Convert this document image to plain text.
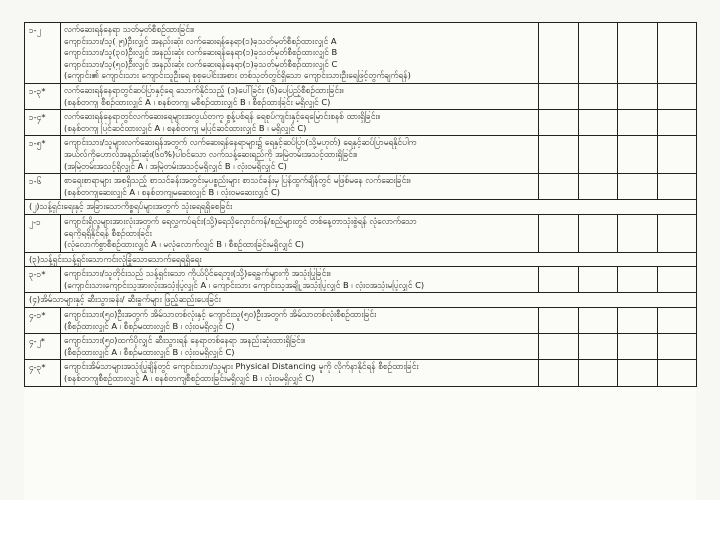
၁-၂	လက်ဆေးရန်နေရာ သတ်မှတ်စီစဉ်ထားခြင်း။
ကျောင်းသား/သူ(၂၅)ဦးလျှင် အနည်းဆုံး လက်ဆေးရန်နေရာ(၁)ခုသတ်မှတ်စီစဉ်ထားလျှင် A
ကျောင်းသား/သူ(၃၀)ဦးလျှင် အနည်းဆုံး လက်ဆေးရန်နေရာ(၁)ခုသတ်မှတ်စီစဉ်ထားလျှင် B
ကျောင်းသား/သူ(၅၀)ဦးလျှင် အနည်းဆုံး လက်ဆေးရန်နေရာ(၁)ခုသတ်မှတ်စီစဉ်ထားလျှင် C
(ကျောင်း၏ ကျောင်းသား ကျောင်းသူဦးရေ စုစုပေါင်းအစား တစ်သုတ်တွင်ရှိသော ကျောင်းသားဦးရေဖြင့်တွက်ချက်ရန်)				

၁-၃*	လက်ဆေးရန်နေရာတွင်ဆပ်ပြာနှင့်ရေ သောက်နိုင်သည့် (ဒ)ပေါ်ခြင်း (၆)ပေပြည့်စီစဉ်ထားခြင်း။
(စနစ်တကျ စီစဉ်ထားလျှင် A ၊ စနစ်တကျ မစီစဉ်ထားလျှင် B ၊ စီစဉ်ထားခြင်း မရှိလျှင် C)				

၁-၄*	လက်ဆေးရန်နေရာတွင်လက်ဆေးရေများအလွယ်တကူ စွန့်ပစ်ရန် ရေစုပ်ကျင်းနှင့်ရေမြောင်းစနစ် ထားရှိခြင်း။
(စနစ်တကျ ပြင်ဆင်ထားလျှင် A ၊ စနစ်တကျ မပြင်ဆင်ထားလျှင် B ၊ မရှိလျှင် C)				

၁-၅*	ကျောင်းသား/သူများလက်ဆေးရန်အတွက် လက်ဆေးရန်နေရာများ၌ ရေနှင့်ဆပ်ပြာ(သို့မဟုတ်) ရေနှင့်ဆပ်ပြာမရနိုင်ပါက
အယ်လ်ကိုဟောလ်အနည်းဆုံး(၆၀%)ပါဝင်သော လက်သန့်ဆေးရည်ကို အမြဲတမ်းအသင့်ထားရှိခြင်း။
(အမြဲတမ်းအသင့်ရှိလျှင် A ၊ အမြဲတမ်းအသင့်မရှိလျှင် B ၊ လုံးဝမရှိလျှင် C)				

၁-၆	စာရေးစာရာများ အစရှိသည့် စာသင်ခန်းအတွင်းမှပစ္စည်းများ စာသင်ခန်းမှ ပြန်ထွက်ချိန်တွင် မဖြစ်မနေ လက်ဆေးခြင်း။
(စနစ်တကျဆေးလျှင် A ၊ စနစ်တကျမဆေးလျှင် B ၊ လုံးဝမဆေးလျှင် C)				

(၂)သန့်ရှင်းရေးနှင့် အခြားသောကိစ္စရပ်များအတွက် သုံးရေရရှိစေခြင်း					
၂-၁	ကျောင်းရှိလူများအားလုံးအတွက် ရေလွှကပ်ရင်း(သို့)ရေသိုလှောင်ကန်/စည်များတွင် တစ်နေ့တာသုံးစွဲရန် လုံလောက်သော
ရေကိုရရှိနိုင်ရန် စီစဉ်ထားခြင်း
(လုံလောက်စွာစီစဉ်ထားလျှင် A ၊ မလုံလောက်လျှင် B ၊ စီစဉ်ထားခြင်းမရှိလျှင် C)				

(၃)သန့်ရှင်းသန့်ရှင်းသောကင်းလုံခြုံသောသောက်ရေရရှိရေး					
၃-၁*	ကျောင်းသား/သူတိုင်းသည် သန့်ရှင်းသော ကိုယ်ပိုင်ရေဘူး(သို့)ရေခွက်များကို အသုံးပြုခြင်း။
(ကျောင်းသားကျောင်းသူအားလုံးအသုံးပြုလျှင် A ၊ ကျောင်းသား ကျောင်းသူအချို့ အသုံးပြုလျှင် B ၊ လုံးဝအသုံးမပြုလျှင် C)				

(၄)အိမ်သာများနှင့် ဆီးသွားခန်း/ ဆီးခွက်များ ဖြည့်ဆည်းပေးခြင်း					
၄-၁*	ကျောင်းသား(၅၀)ဦးအတွက် အိမ်သာတစ်လုံးနှင့် ကျောင်းသူ(၅၀)ဦးအတွက် အိမ်သာတစ်လုံးစီစဉ်ထားခြင်း
(စီစဉ်ထားလျှင် A ၊ စီစဉ်မထားလျှင် B ၊ လုံးဝမရှိလျှင် C)				

၄-၂*	ကျောင်းသား(၅၀)ထက်ပိုလျှင် ဆီးသွားရန် နေရာတစ်နေရာ အနည်းဆုံးထားရှိခြင်း။
(စီစဉ်ထားလျှင် A ၊ စီစဉ်မထားလျှင် B ၊ လုံးဝမရှိလျှင် C)				

၄-၃*	ကျောင်းအိမ်သာများအသုံးပြုချိန်တွင် ကျောင်းသား/သူများ Physical Distancing မူကို လိုက်နာနိုင်ရန် စီစဉ်ထားခြင်း
(စနစ်တကျစီစဉ်ထားလျှင် A ၊ စနစ်တကျစီစဉ်ထားခြင်းမရှိလျှင် B ၊ လုံးဝမရှိလျှင် C)				
